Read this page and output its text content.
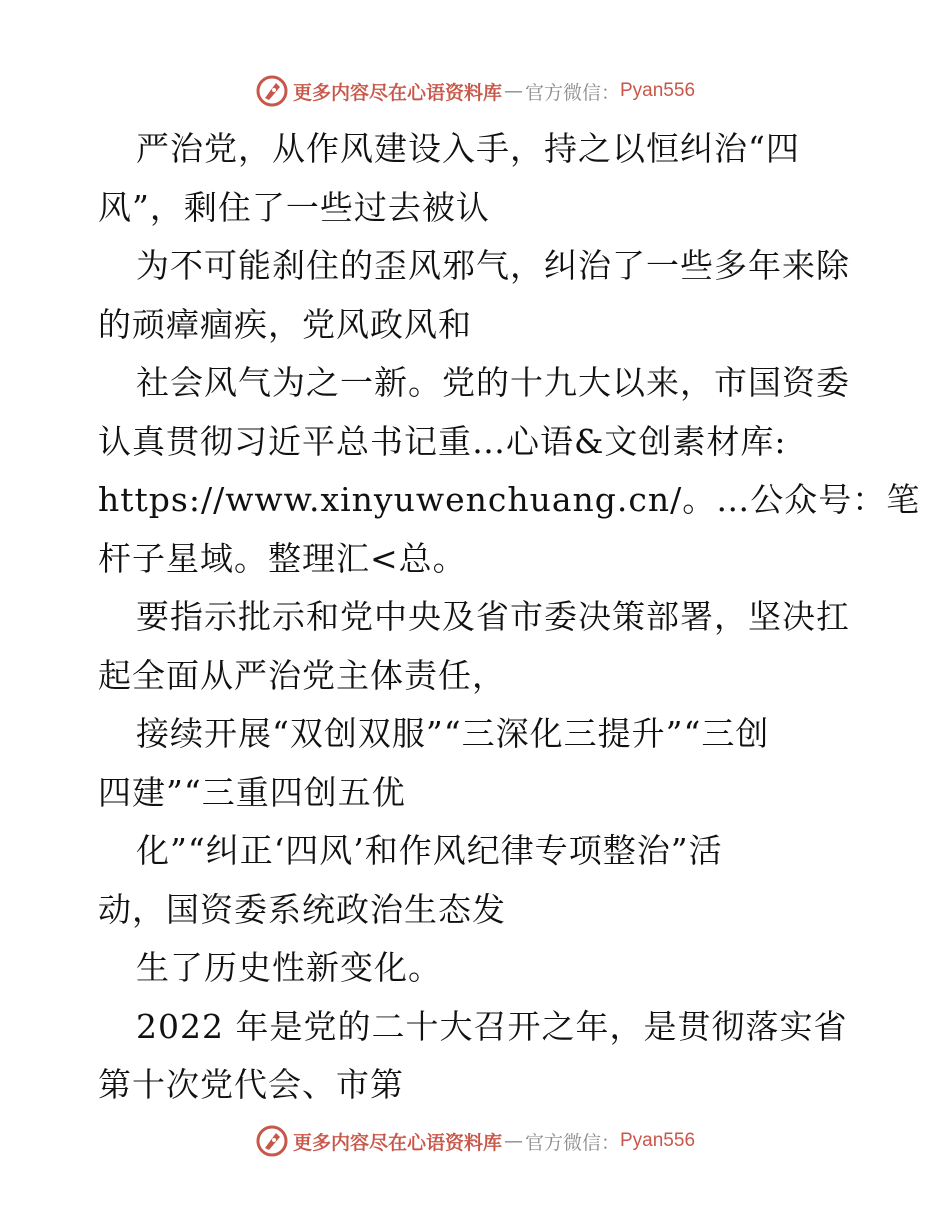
更多内容尽在心语资料库 — 官方微信： Pyan556
严治党，从作风建设入手，持之以恒纠治“四
风”，剩住了一些过去被认
为不可能刹住的歪风邪气，纠治了一些多年来除
的顽瘴痼疾，党风政风和
社会风气为之一新。党的十九大以来，市国资委
认真贯彻习近平总书记重…心语&文创素材库:
https://www.xinyuwenchuang.cn/。…公众号：笔
杆子星域。整理汇<总。
要指示批示和党中央及省市委决策部署，坚决扛
起全面从严治党主体责任，
接续开展“双创双服”“三深化三提升”“三创
四建”“三重四创五优
化”“纠正‘四风’和作风纪律专项整治”活
动，国资委系统政治生态发
生了历史性新变化。
2022 年是党的二十大召开之年，是贯彻落实省
第十次党代会、市第
更多内容尽在心语资料库 — 官方微信： Pyan556
